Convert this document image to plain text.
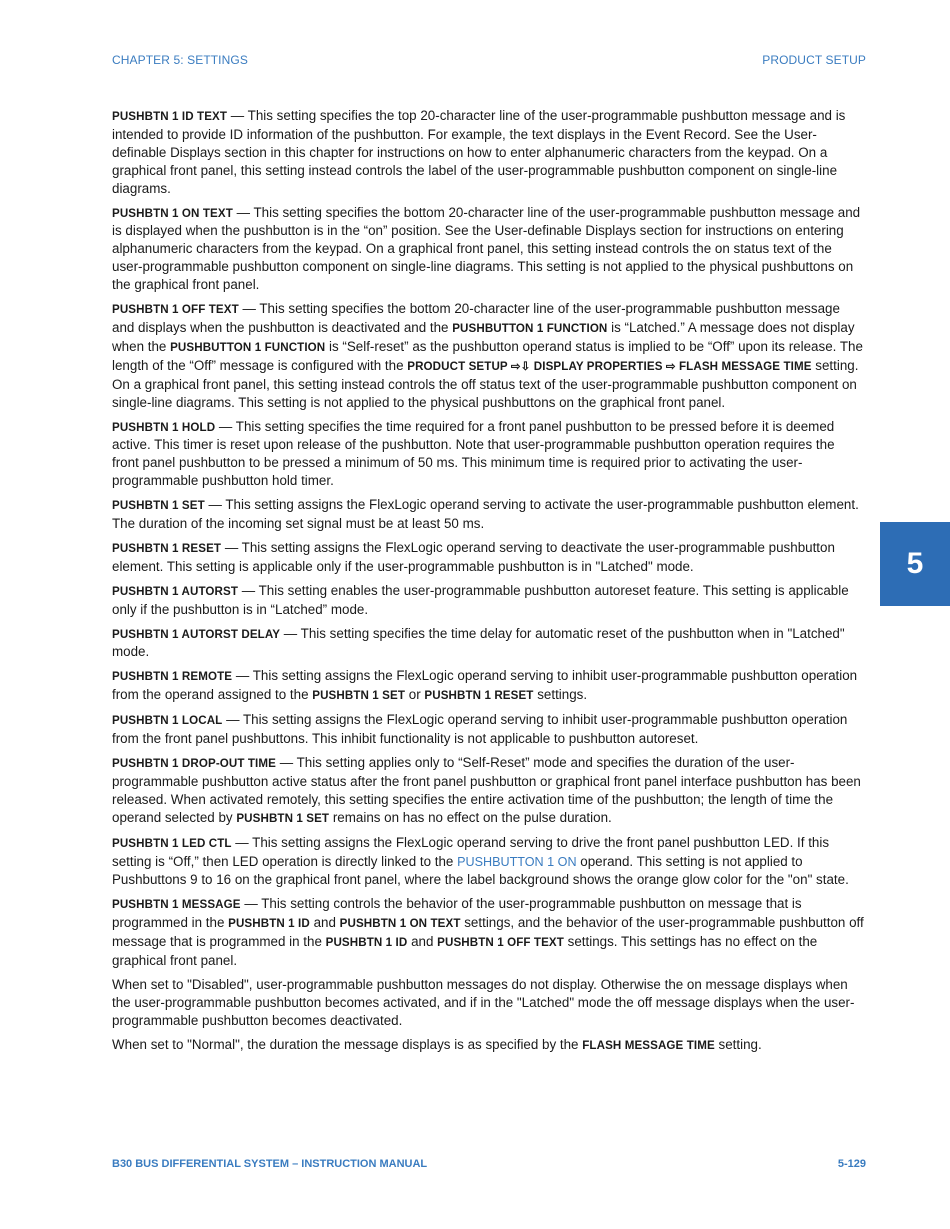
CHAPTER 5: SETTINGS	PRODUCT SETUP
5

PUSHBTN 1 ID TEXT — This setting specifies the top 20-character line of the user-programmable pushbutton message and is intended to provide ID information of the pushbutton. For example, the text displays in the Event Record. See the User-definable Displays section in this chapter for instructions on how to enter alphanumeric characters from the keypad. On a graphical front panel, this setting instead controls the label of the user-programmable pushbutton component on single-line diagrams.

PUSHBTN 1 ON TEXT — This setting specifies the bottom 20-character line of the user-programmable pushbutton message and is displayed when the pushbutton is in the “on” position. See the User-definable Displays section for instructions on entering alphanumeric characters from the keypad. On a graphical front panel, this setting instead controls the on status text of the user-programmable pushbutton component on single-line diagrams. This setting is not applied to the physical pushbuttons on the graphical front panel.

PUSHBTN 1 OFF TEXT — This setting specifies the bottom 20-character line of the user-programmable pushbutton message and displays when the pushbutton is deactivated and the PUSHBUTTON 1 FUNCTION is “Latched.” A message does not display when the PUSHBUTTON 1 FUNCTION is “Self-reset” as the pushbutton operand status is implied to be “Off” upon its release. The length of the “Off” message is configured with the PRODUCT SETUP ⇨⇩ DISPLAY PROPERTIES ⇨ FLASH MESSAGE TIME setting. On a graphical front panel, this setting instead controls the off status text of the user-programmable pushbutton component on single-line diagrams. This setting is not applied to the physical pushbuttons on the graphical front panel.

PUSHBTN 1 HOLD — This setting specifies the time required for a front panel pushbutton to be pressed before it is deemed active. This timer is reset upon release of the pushbutton. Note that user-programmable pushbutton operation requires the front panel pushbutton to be pressed a minimum of 50 ms. This minimum time is required prior to activating the user-programmable pushbutton hold timer.

PUSHBTN 1 SET — This setting assigns the FlexLogic operand serving to activate the user-programmable pushbutton element. The duration of the incoming set signal must be at least 50 ms.

PUSHBTN 1 RESET — This setting assigns the FlexLogic operand serving to deactivate the user-programmable pushbutton element. This setting is applicable only if the user-programmable pushbutton is in "Latched" mode.

PUSHBTN 1 AUTORST — This setting enables the user-programmable pushbutton autoreset feature. This setting is applicable only if the pushbutton is in “Latched” mode.

PUSHBTN 1 AUTORST DELAY — This setting specifies the time delay for automatic reset of the pushbutton when in "Latched" mode.

PUSHBTN 1 REMOTE — This setting assigns the FlexLogic operand serving to inhibit user-programmable pushbutton operation from the operand assigned to the PUSHBTN 1 SET or PUSHBTN 1 RESET settings.

PUSHBTN 1 LOCAL — This setting assigns the FlexLogic operand serving to inhibit user-programmable pushbutton operation from the front panel pushbuttons. This inhibit functionality is not applicable to pushbutton autoreset.

PUSHBTN 1 DROP-OUT TIME — This setting applies only to “Self-Reset” mode and specifies the duration of the user-programmable pushbutton active status after the front panel pushbutton or graphical front panel interface pushbutton has been released. When activated remotely, this setting specifies the entire activation time of the pushbutton; the length of time the operand selected by PUSHBTN 1 SET remains on has no effect on the pulse duration.

PUSHBTN 1 LED CTL — This setting assigns the FlexLogic operand serving to drive the front panel pushbutton LED. If this setting is “Off,” then LED operation is directly linked to the PUSHBUTTON 1 ON operand. This setting is not applied to Pushbuttons 9 to 16 on the graphical front panel, where the label background shows the orange glow color for the "on" state.

PUSHBTN 1 MESSAGE — This setting controls the behavior of the user-programmable pushbutton on message that is programmed in the PUSHBTN 1 ID and PUSHBTN 1 ON TEXT settings, and the behavior of the user-programmable pushbutton off message that is programmed in the PUSHBTN 1 ID and PUSHBTN 1 OFF TEXT settings. This settings has no effect on the graphical front panel.

When set to "Disabled", user-programmable pushbutton messages do not display. Otherwise the on message displays when the user-programmable pushbutton becomes activated, and if in the "Latched" mode the off message displays when the user-programmable pushbutton becomes deactivated.

When set to "Normal", the duration the message displays is as specified by the FLASH MESSAGE TIME setting.

B30 BUS DIFFERENTIAL SYSTEM – INSTRUCTION MANUAL	5-129
